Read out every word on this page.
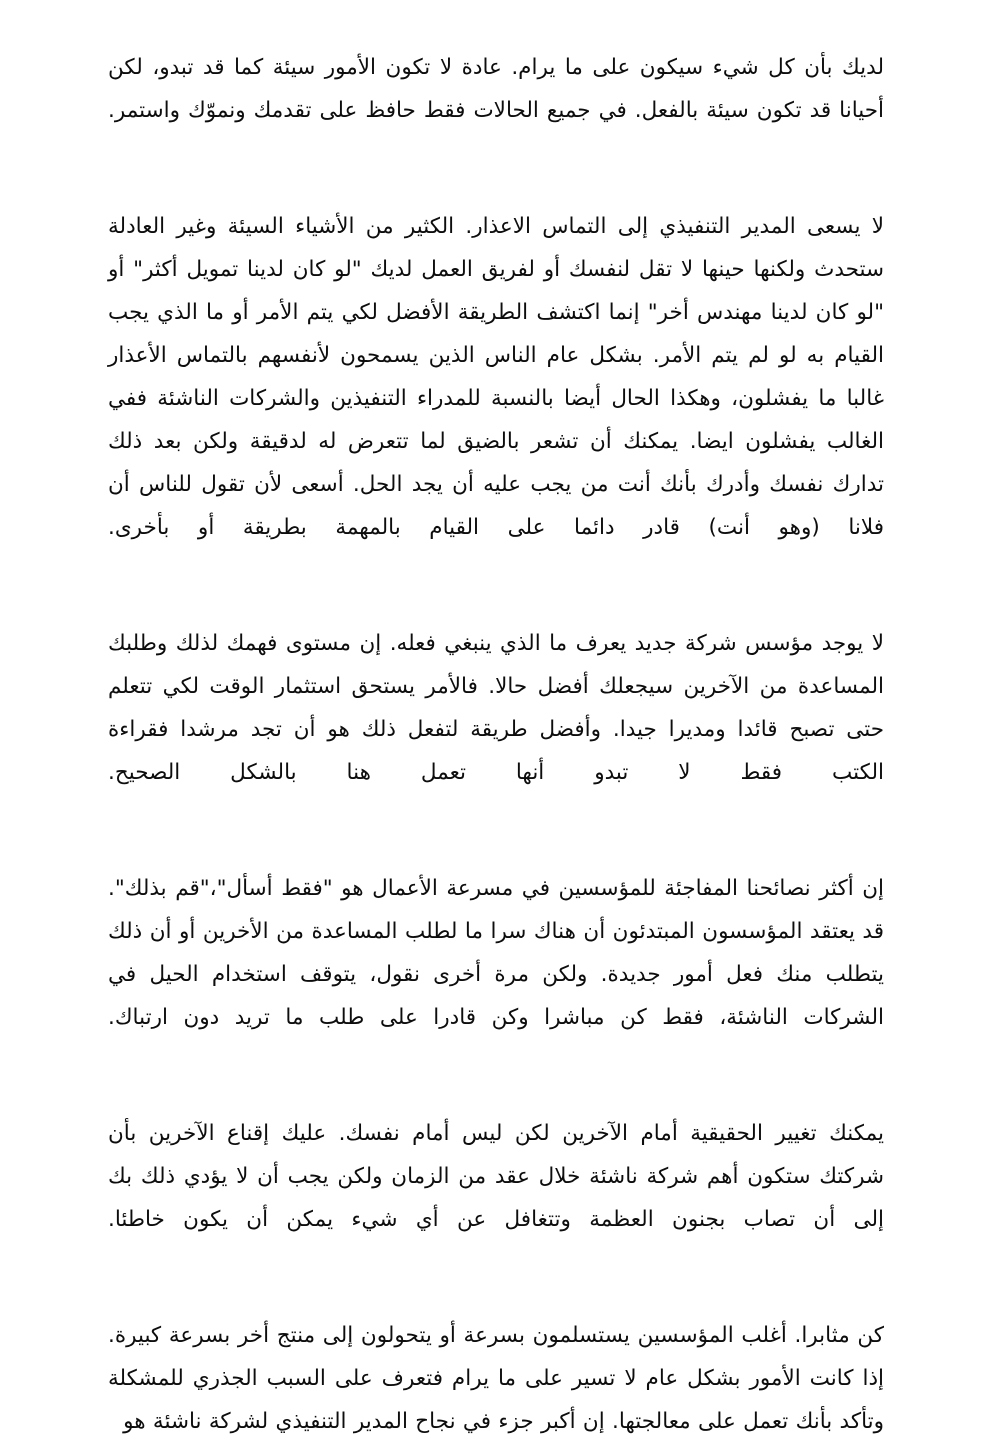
لديك بأن كل شيء سيكون على ما يرام. عادة لا تكون الأمور سيئة كما قد تبدو، لكن أحيانا قد تكون سيئة بالفعل. في جميع الحالات فقط حافظ على تقدمك ونموّك واستمر.

لا يسعى المدير التنفيذي إلى التماس الاعذار. الكثير من الأشياء السيئة وغير العادلة ستحدث ولكنها حينها لا تقل لنفسك أو لفريق العمل لديك "لو كان لدينا تمويل أكثر" أو "لو كان لدينا مهندس أخر" إنما اكتشف الطريقة الأفضل لكي يتم الأمر أو ما الذي يجب القيام به لو لم يتم الأمر. بشكل عام الناس الذين يسمحون لأنفسهم بالتماس الأعذار غالبا ما يفشلون، وهكذا الحال أيضا بالنسبة للمدراء التنفيذين والشركات الناشئة ففي الغالب يفشلون ايضا. يمكنك أن تشعر بالضيق لما تتعرض له لدقيقة ولكن بعد ذلك تدارك نفسك وأدرك بأنك أنت من يجب عليه أن يجد الحل. أسعى لأن تقول للناس أن فلانا (وهو أنت) قادر دائما على القيام بالمهمة بطريقة أو بأخرى.

لا يوجد مؤسس شركة جديد يعرف ما الذي ينبغي فعله. إن مستوى فهمك لذلك وطلبك المساعدة من الآخرين سيجعلك أفضل حالا. فالأمر يستحق استثمار الوقت لكي تتعلم حتى تصبح قائدا ومديرا جيدا. وأفضل طريقة لتفعل ذلك هو أن تجد مرشدا فقراءة الكتب فقط لا تبدو أنها تعمل هنا بالشكل الصحيح.

إن أكثر نصائحنا المفاجئة للمؤسسين في مسرعة الأعمال هو "فقط أسأل"،"قم بذلك". قد يعتقد المؤسسون المبتدئون أن هناك سرا ما لطلب المساعدة من الأخرين أو أن ذلك يتطلب منك فعل أمور جديدة. ولكن مرة أخرى نقول، يتوقف استخدام الحيل في الشركات الناشئة، فقط كن مباشرا وكن قادرا على طلب ما تريد دون ارتباك.

يمكنك تغيير الحقيقية أمام الآخرين لكن ليس أمام نفسك. عليك إقناع الآخرين بأن شركتك ستكون أهم شركة ناشئة خلال عقد من الزمان ولكن يجب أن لا يؤدي ذلك بك إلى أن تصاب بجنون العظمة وتتغافل عن أي شيء يمكن أن يكون خاطئا.

كن مثابرا. أغلب المؤسسين يستسلمون بسرعة أو يتحولون إلى منتج أخر بسرعة كبيرة. إذا كانت الأمور بشكل عام لا تسير على ما يرام فتعرف على السبب الجذري للمشكلة وتأكد بأنك تعمل على معالجتها. إن أكبر جزء في نجاح المدير التنفيذي لشركة ناشئة هو
